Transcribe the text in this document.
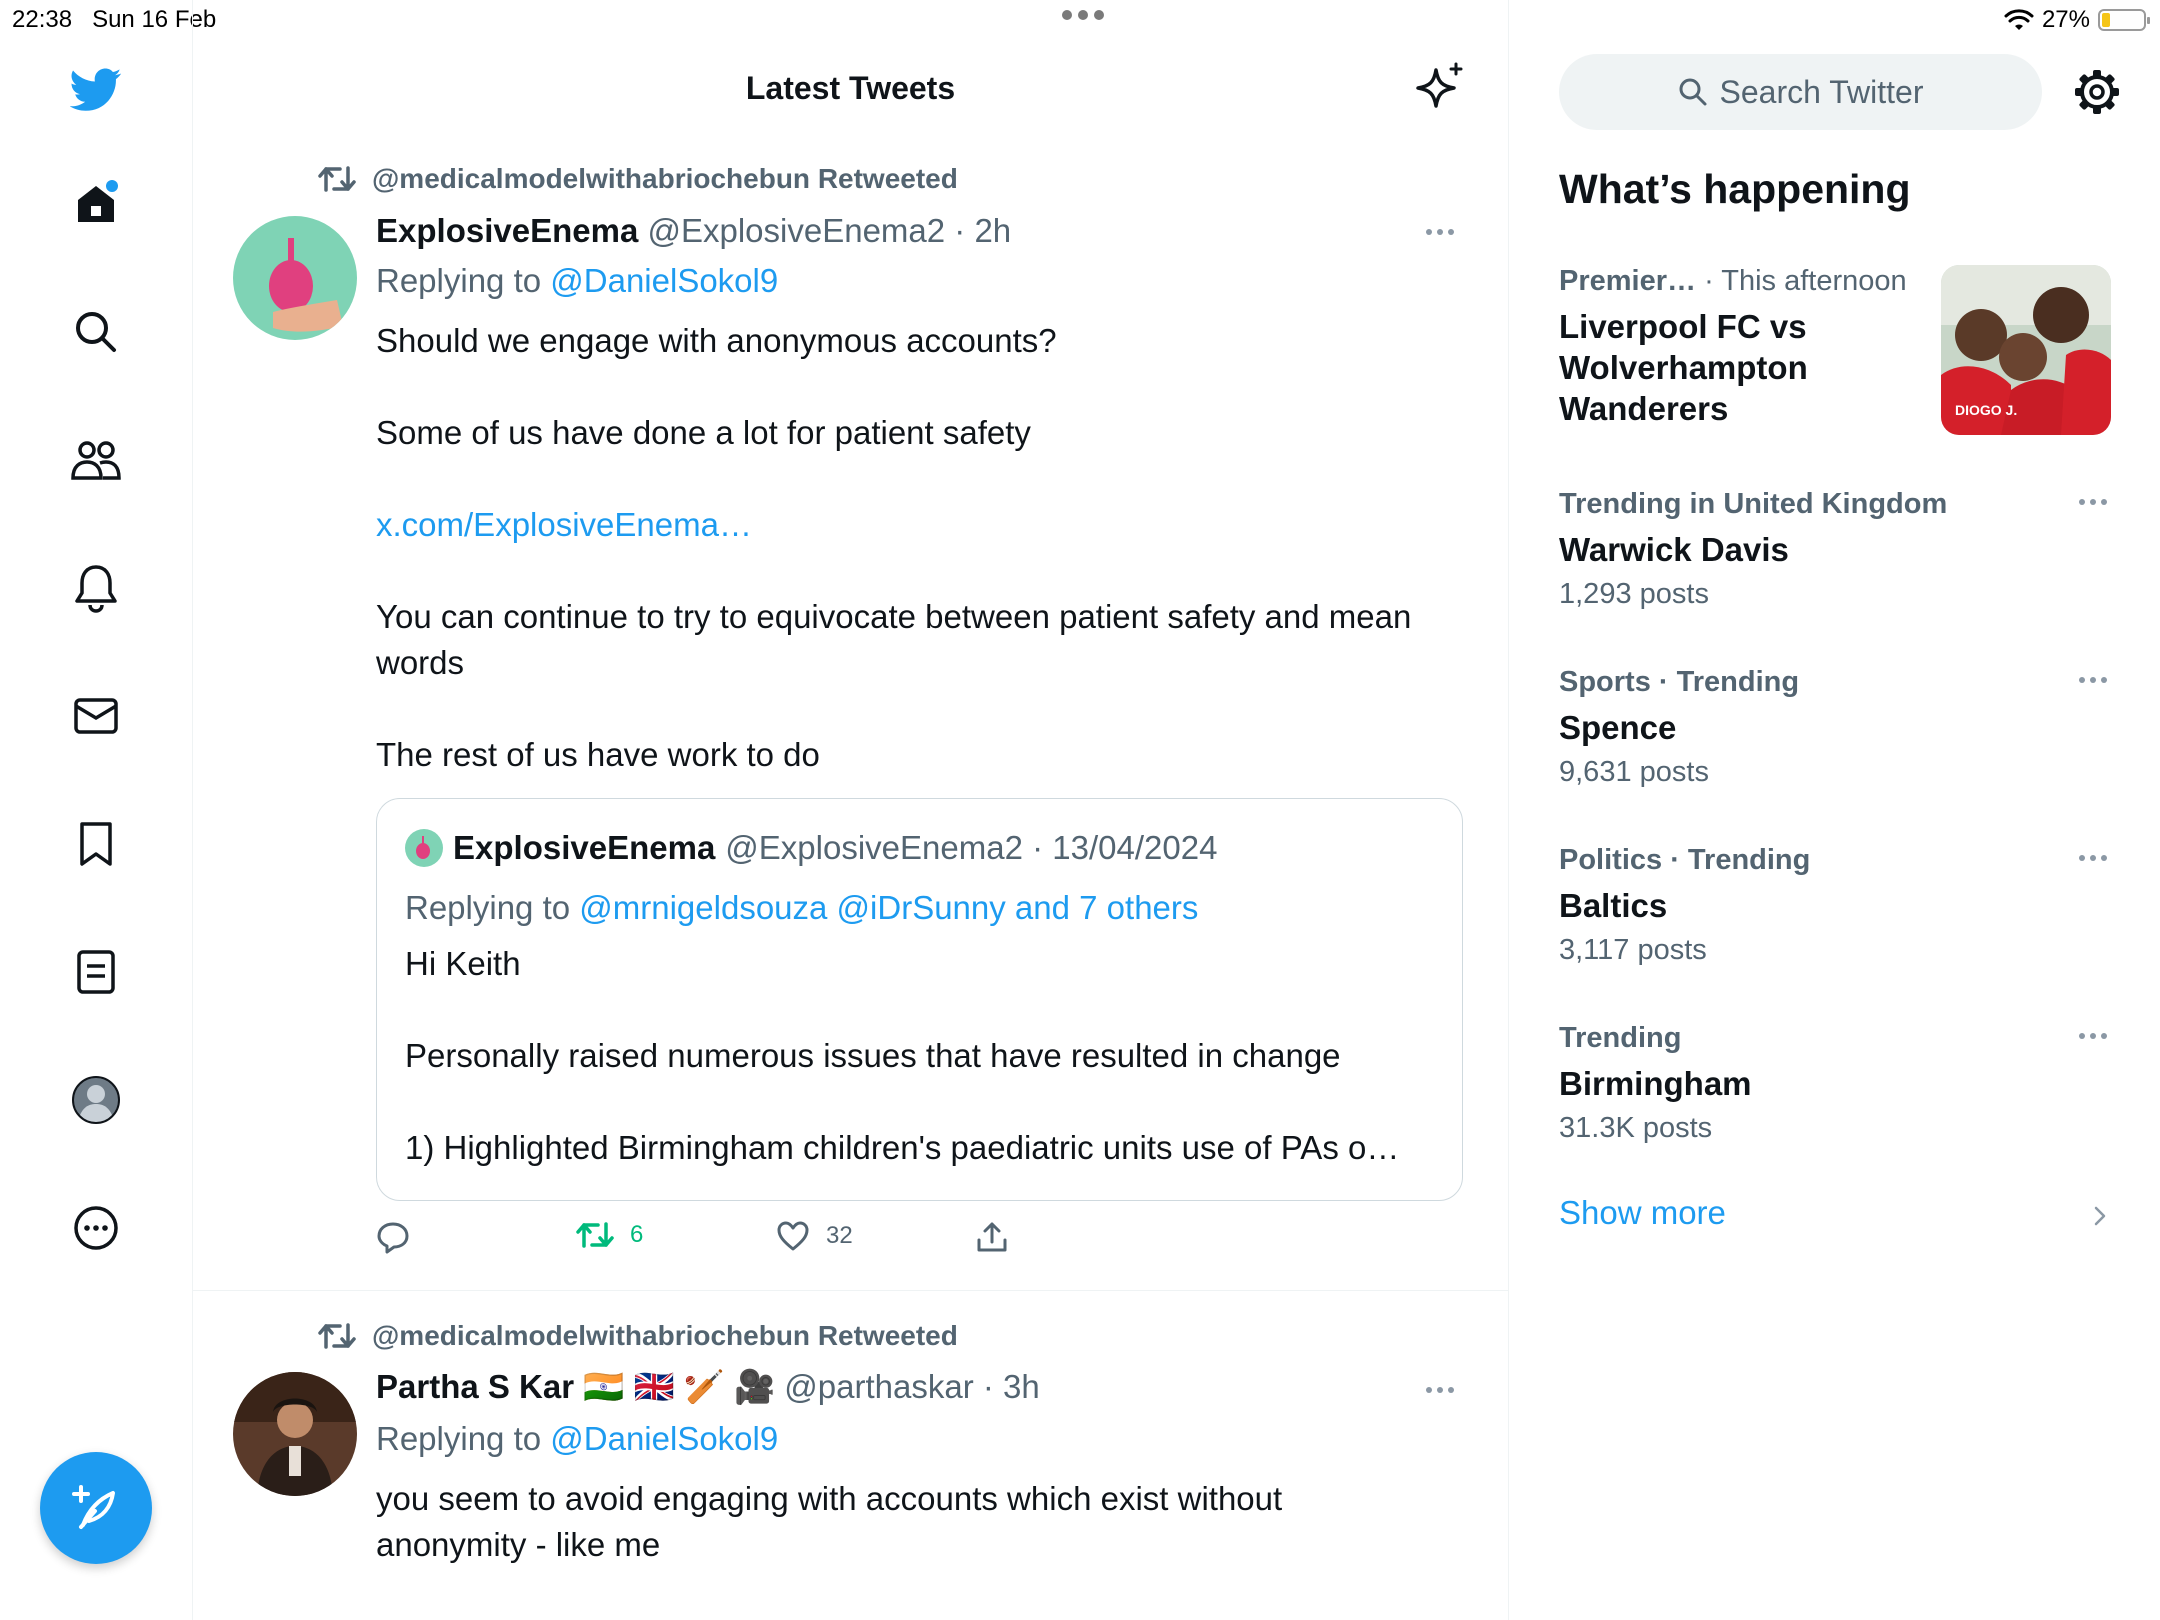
22:38 Sun 16 Feb	27%
Latest Tweets
@medicalmodelwithabriochebun Retweeted
ExplosiveEnema @ExplosiveEnema2 · 2h
Replying to @DanielSokol9

Should we engage with anonymous accounts?

Some of us have done a lot for patient safety

x.com/ExplosiveEnema…

You can continue to try to equivocate between patient safety and mean words

The rest of us have work to do

ExplosiveEnema @ExplosiveEnema2 · 13/04/2024
Replying to @mrnigeldsouza @iDrSunny and 7 others

Hi Keith

Personally raised numerous issues that have resulted in change

1) Highlighted Birmingham children's paediatric units use of PAs o…

6	32
@medicalmodelwithabriochebun Retweeted
Partha S Kar 🇮🇳 🇬🇧 🏏 🎥 @parthaskar · 3h
Replying to @DanielSokol9

you seem to avoid engaging with accounts which exist without anonymity - like me

Search Twitter
What’s happening
Premier… · This afternoon
Liverpool FC vs Wolverhampton Wanderers	DIOGO J.
Trending in United Kingdom
Warwick Davis
1,293 posts
Sports · Trending
Spence
9,631 posts
Politics · Trending
Baltics
3,117 posts
Trending
Birmingham
31.3K posts
Show more
